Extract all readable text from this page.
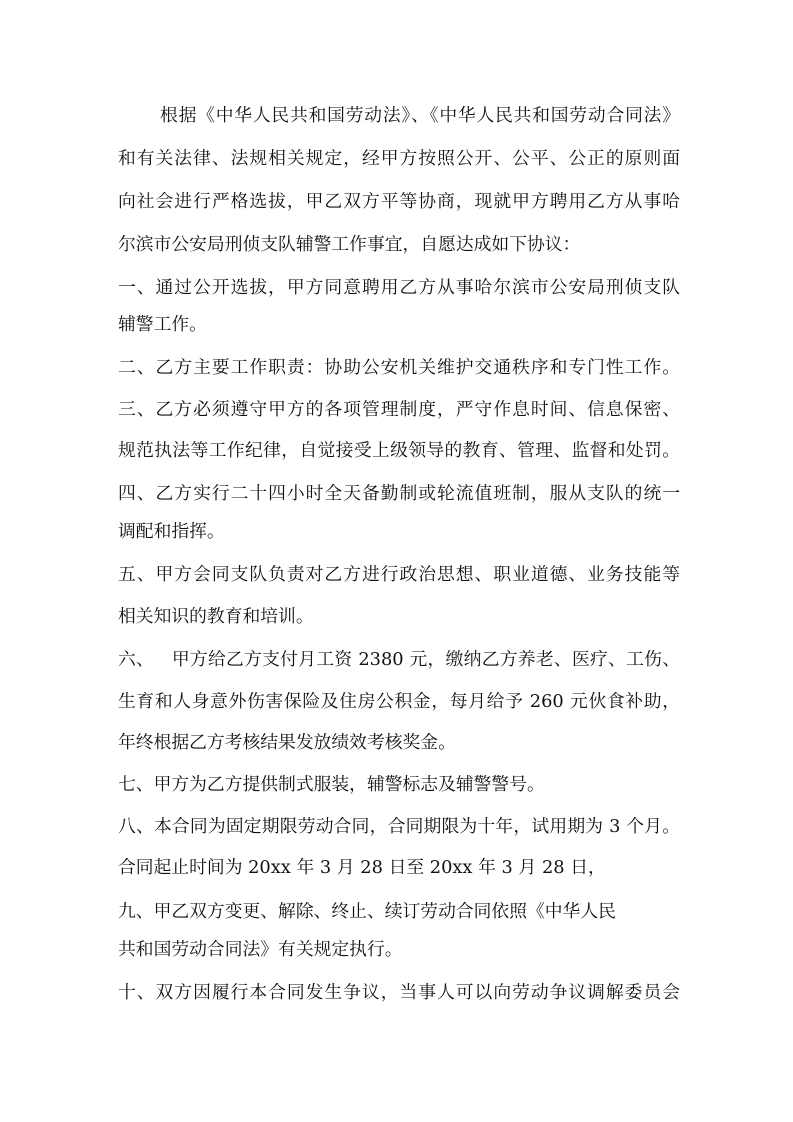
根据《中华人民共和国劳动法》、《中华人民共和国劳动合同法》
和有关法律、法规相关规定，经甲方按照公开、公平、公正的原则面
向社会进行严格选拔，甲乙双方平等协商，现就甲方聘用乙方从事哈
尔滨市公安局刑侦支队辅警工作事宜，自愿达成如下协议：
一、通过公开选拔，甲方同意聘用乙方从事哈尔滨市公安局刑侦支队
辅警工作。
二、乙方主要工作职责：协助公安机关维护交通秩序和专门性工作。
三、乙方必须遵守甲方的各项管理制度，严守作息时间、信息保密、
规范执法等工作纪律，自觉接受上级领导的教育、管理、监督和处罚。
四、乙方实行二十四小时全天备勤制或轮流值班制，服从支队的统一
调配和指挥。
五、甲方会同支队负责对乙方进行政治思想、职业道德、业务技能等
相关知识的教育和培训。
六、   甲方给乙方支付月工资 2380 元，缴纳乙方养老、医疗、工伤、
生育和人身意外伤害保险及住房公积金，每月给予 260 元伙食补助，
年终根据乙方考核结果发放绩效考核奖金。
七、甲方为乙方提供制式服装，辅警标志及辅警警号。
八、本合同为固定期限劳动合同，合同期限为十年，试用期为 3 个月。
合同起止时间为 20xx 年 3 月 28 日至 20xx 年 3 月 28 日，
九、甲乙双方变更、解除、终止、续订劳动合同依照《中华人民
共和国劳动合同法》有关规定执行。
十、双方因履行本合同发生争议，当事人可以向劳动争议调解委员会
